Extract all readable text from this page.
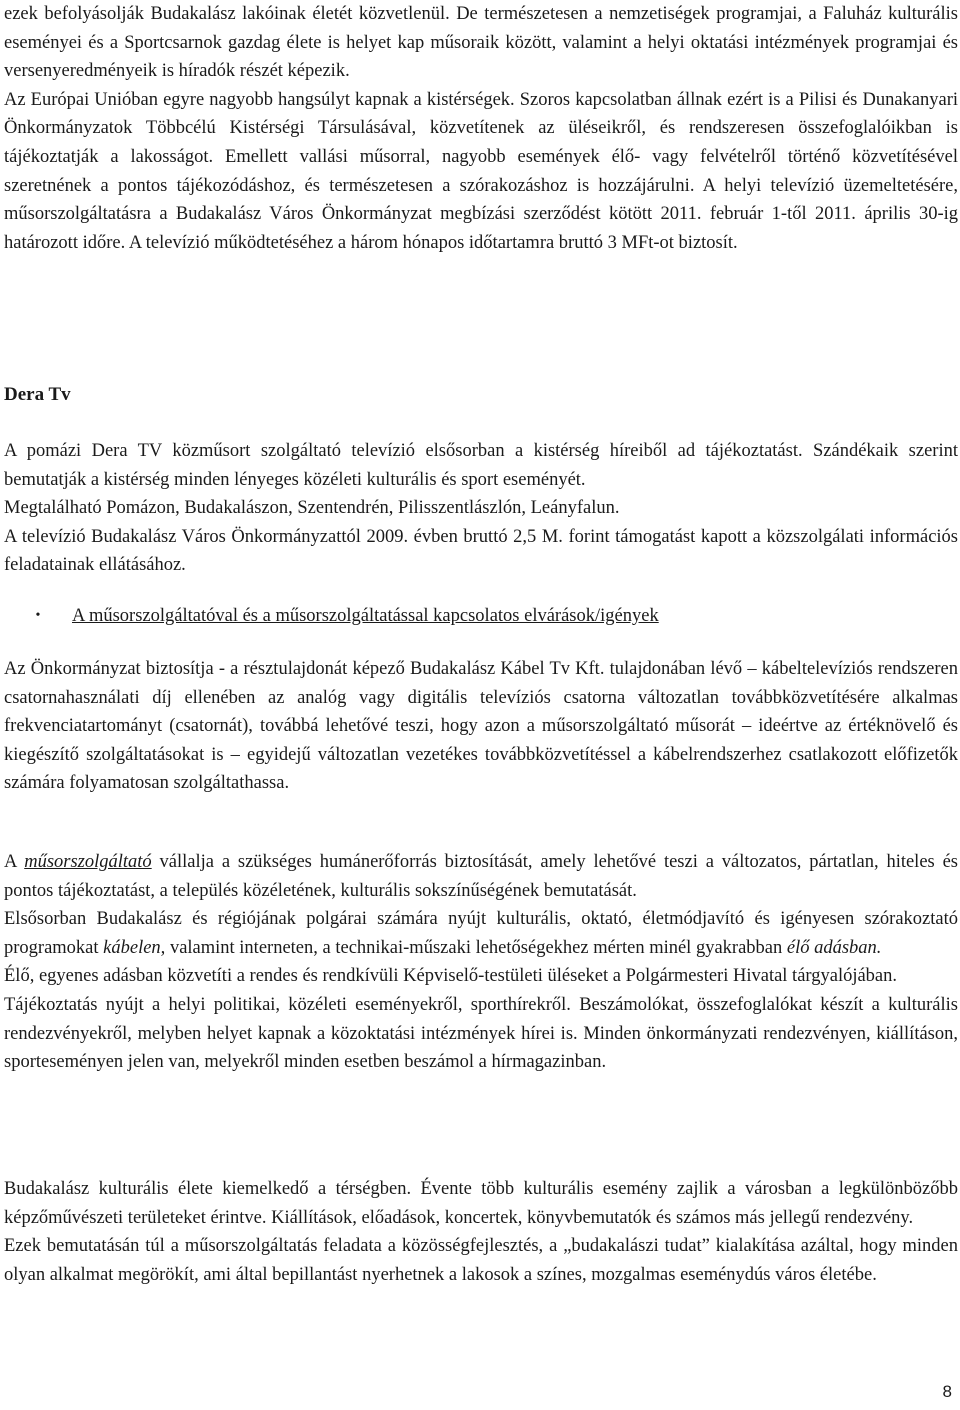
ezek befolyásolják Budakalász lakóinak életét közvetlenül. De természetesen a nemzetiségek programjai, a Faluház kulturális eseményei és a Sportcsarnok gazdag élete is helyet kap műsoraik között, valamint a helyi oktatási intézmények programjai és versenyeredményeik is híradók részét képezik.

Az Európai Unióban egyre nagyobb hangsúlyt kapnak a kistérségek. Szoros kapcsolatban állnak ezért is a Pilisi és Dunakanyari Önkormányzatok Többcélú Kistérségi Társulásával, közvetítenek az üléseikről, és rendszeresen összefoglalóikban is tájékoztatják a lakosságot. Emellett vallási műsorral, nagyobb események élő- vagy felvételről történő közvetítésével szeretnének a pontos tájékozódáshoz, és természetesen a szórakozáshoz is hozzájárulni. A helyi televízió üzemeltetésére, műsorszolgáltatásra a Budakalász Város Önkormányzat megbízási szerződést kötött 2011. február 1-től 2011. április 30-ig határozott időre. A televízió működtetéséhez a három hónapos időtartamra bruttó 3 MFt-ot biztosít.

Dera Tv

A pomázi Dera TV közműsort szolgáltató televízió elsősorban a kistérség híreiből ad tájékoztatást. Szándékaik szerint bemutatják a kistérség minden lényeges közéleti kulturális és sport eseményét.

Megtalálható Pomázon, Budakalászon, Szentendrén, Pilisszentlászlón, Leányfalun.

A televízió Budakalász Város Önkormányzattól 2009. évben bruttó 2,5 M. forint támogatást kapott a közszolgálati információs feladatainak ellátásához.

•	A műsorszolgáltatóval és a műsorszolgáltatással kapcsolatos elvárások/igények

Az Önkormányzat biztosítja - a résztulajdonát képező Budakalász Kábel Tv Kft. tulajdonában lévő – kábeltelevíziós rendszeren csatornahasználati díj ellenében az analóg vagy digitális televíziós csatorna változatlan továbbközvetítésére alkalmas frekvenciatartományt (csatornát), továbbá lehetővé teszi, hogy azon a műsorszolgáltató műsorát – ideértve az értéknövelő és kiegészítő szolgáltatásokat is – egyidejű változatlan vezetékes továbbközvetítéssel a kábelrendszerhez csatlakozott előfizetők számára folyamatosan szolgáltathassa.

A műsorszolgáltató vállalja a szükséges humánerőforrás biztosítását, amely lehetővé teszi a változatos, pártatlan, hiteles és pontos tájékoztatást, a település közéletének, kulturális sokszínűségének bemutatását.

Elsősorban Budakalász és régiójának polgárai számára nyújt kulturális, oktató, életmódjavító és igényesen szórakoztató programokat kábelen, valamint interneten, a technikai-műszaki lehetőségekhez mérten minél gyakrabban élő adásban.

Élő, egyenes adásban közvetíti a rendes és rendkívüli Képviselő-testületi üléseket a Polgármesteri Hivatal tárgyalójában.

Tájékoztatás nyújt a helyi politikai, közéleti eseményekről, sporthírekről. Beszámolókat, összefoglalókat készít a kulturális rendezvényekről, melyben helyet kapnak a közoktatási intézmények hírei is. Minden önkormányzati rendezvényen, kiállításon, sporteseményen jelen van, melyekről minden esetben beszámol a hírmagazinban.

Budakalász kulturális élete kiemelkedő a térségben. Évente több kulturális esemény zajlik a városban a legkülönbözőbb képzőművészeti területeket érintve. Kiállítások, előadások, koncertek, könyvbemutatók és számos más jellegű rendezvény.

Ezek bemutatásán túl a műsorszolgáltatás feladata a közösségfejlesztés, a „budakalászi tudat” kialakítása azáltal, hogy minden olyan alkalmat megörökít, ami által bepillantást nyerhetnek a lakosok a színes, mozgalmas eseménydús város életébe.

8
